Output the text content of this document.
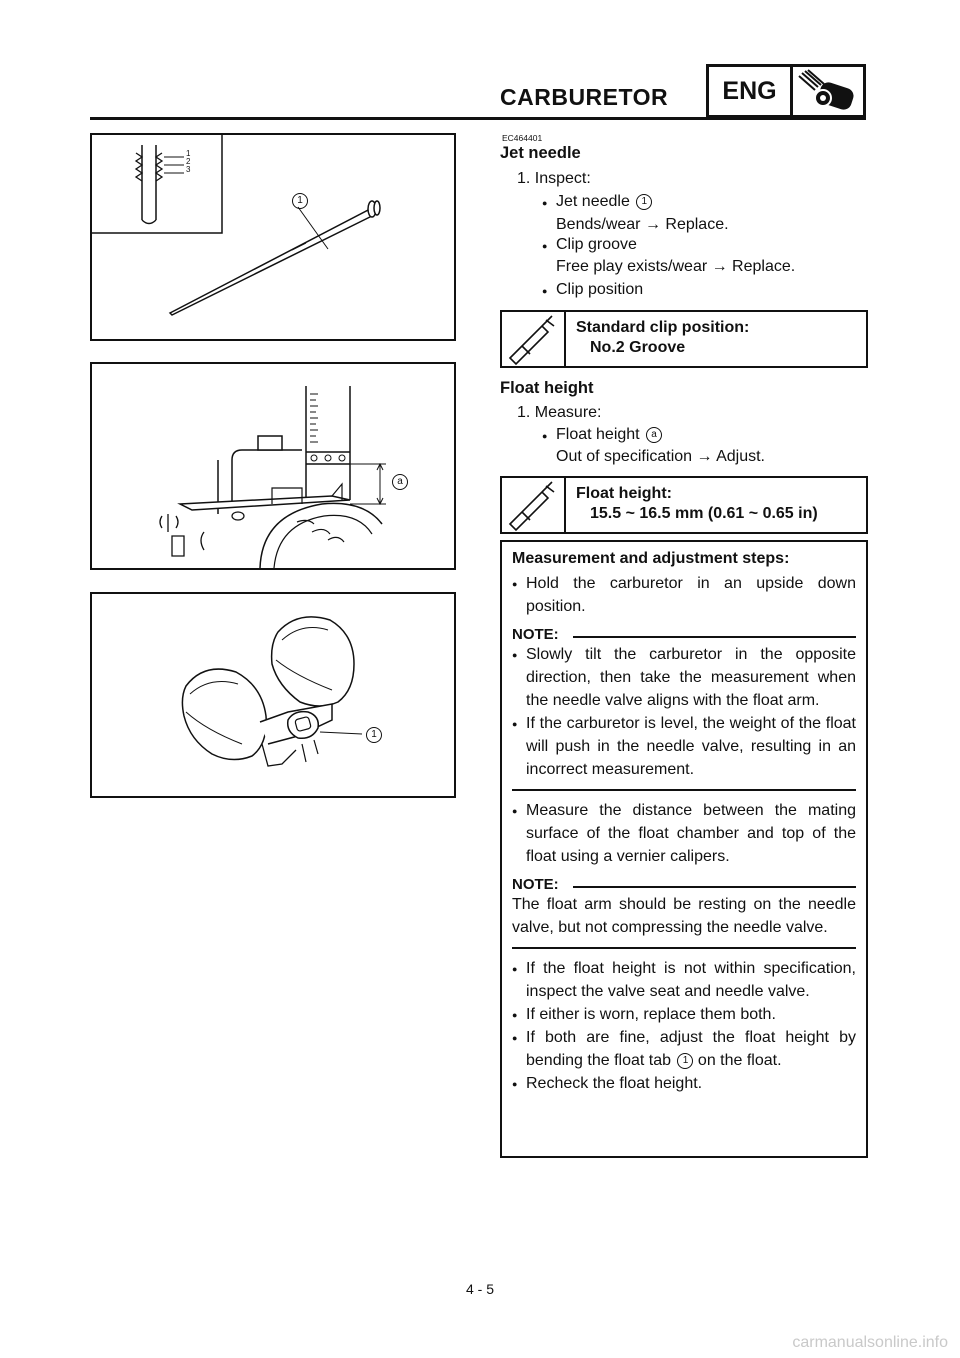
CARBURETOR	ENG
1
2
3
1
a
1
EC464401
Jet needle
1. Inspect:
● Jet needle 1
Bends/wear → Replace.
● Clip groove
Free play exists/wear → Replace.
● Clip position
Standard clip position:
No.2 Groove
Float height
1. Measure:
● Float height a
Out of specification → Adjust.
Float height:
15.5 ~ 16.5 mm (0.61 ~ 0.65 in)
Measurement and adjustment steps:
● Hold the carburetor in an upside down position.
NOTE:
● Slowly tilt the carburetor in the opposite direction, then take the measurement when the needle valve aligns with the float arm.
● If the carburetor is level, the weight of the float will push in the needle valve, resulting in an incorrect measurement.
● Measure the distance between the mating surface of the float chamber and top of the float using a vernier calipers.
NOTE:
The float arm should be resting on the needle valve, but not compressing the needle valve.
● If the float height is not within specification, inspect the valve seat and needle valve.
● If either is worn, replace them both.
● If both are fine, adjust the float height by bending the float tab 1 on the float.
● Recheck the float height.
4 - 5
carmanualsonline.info
